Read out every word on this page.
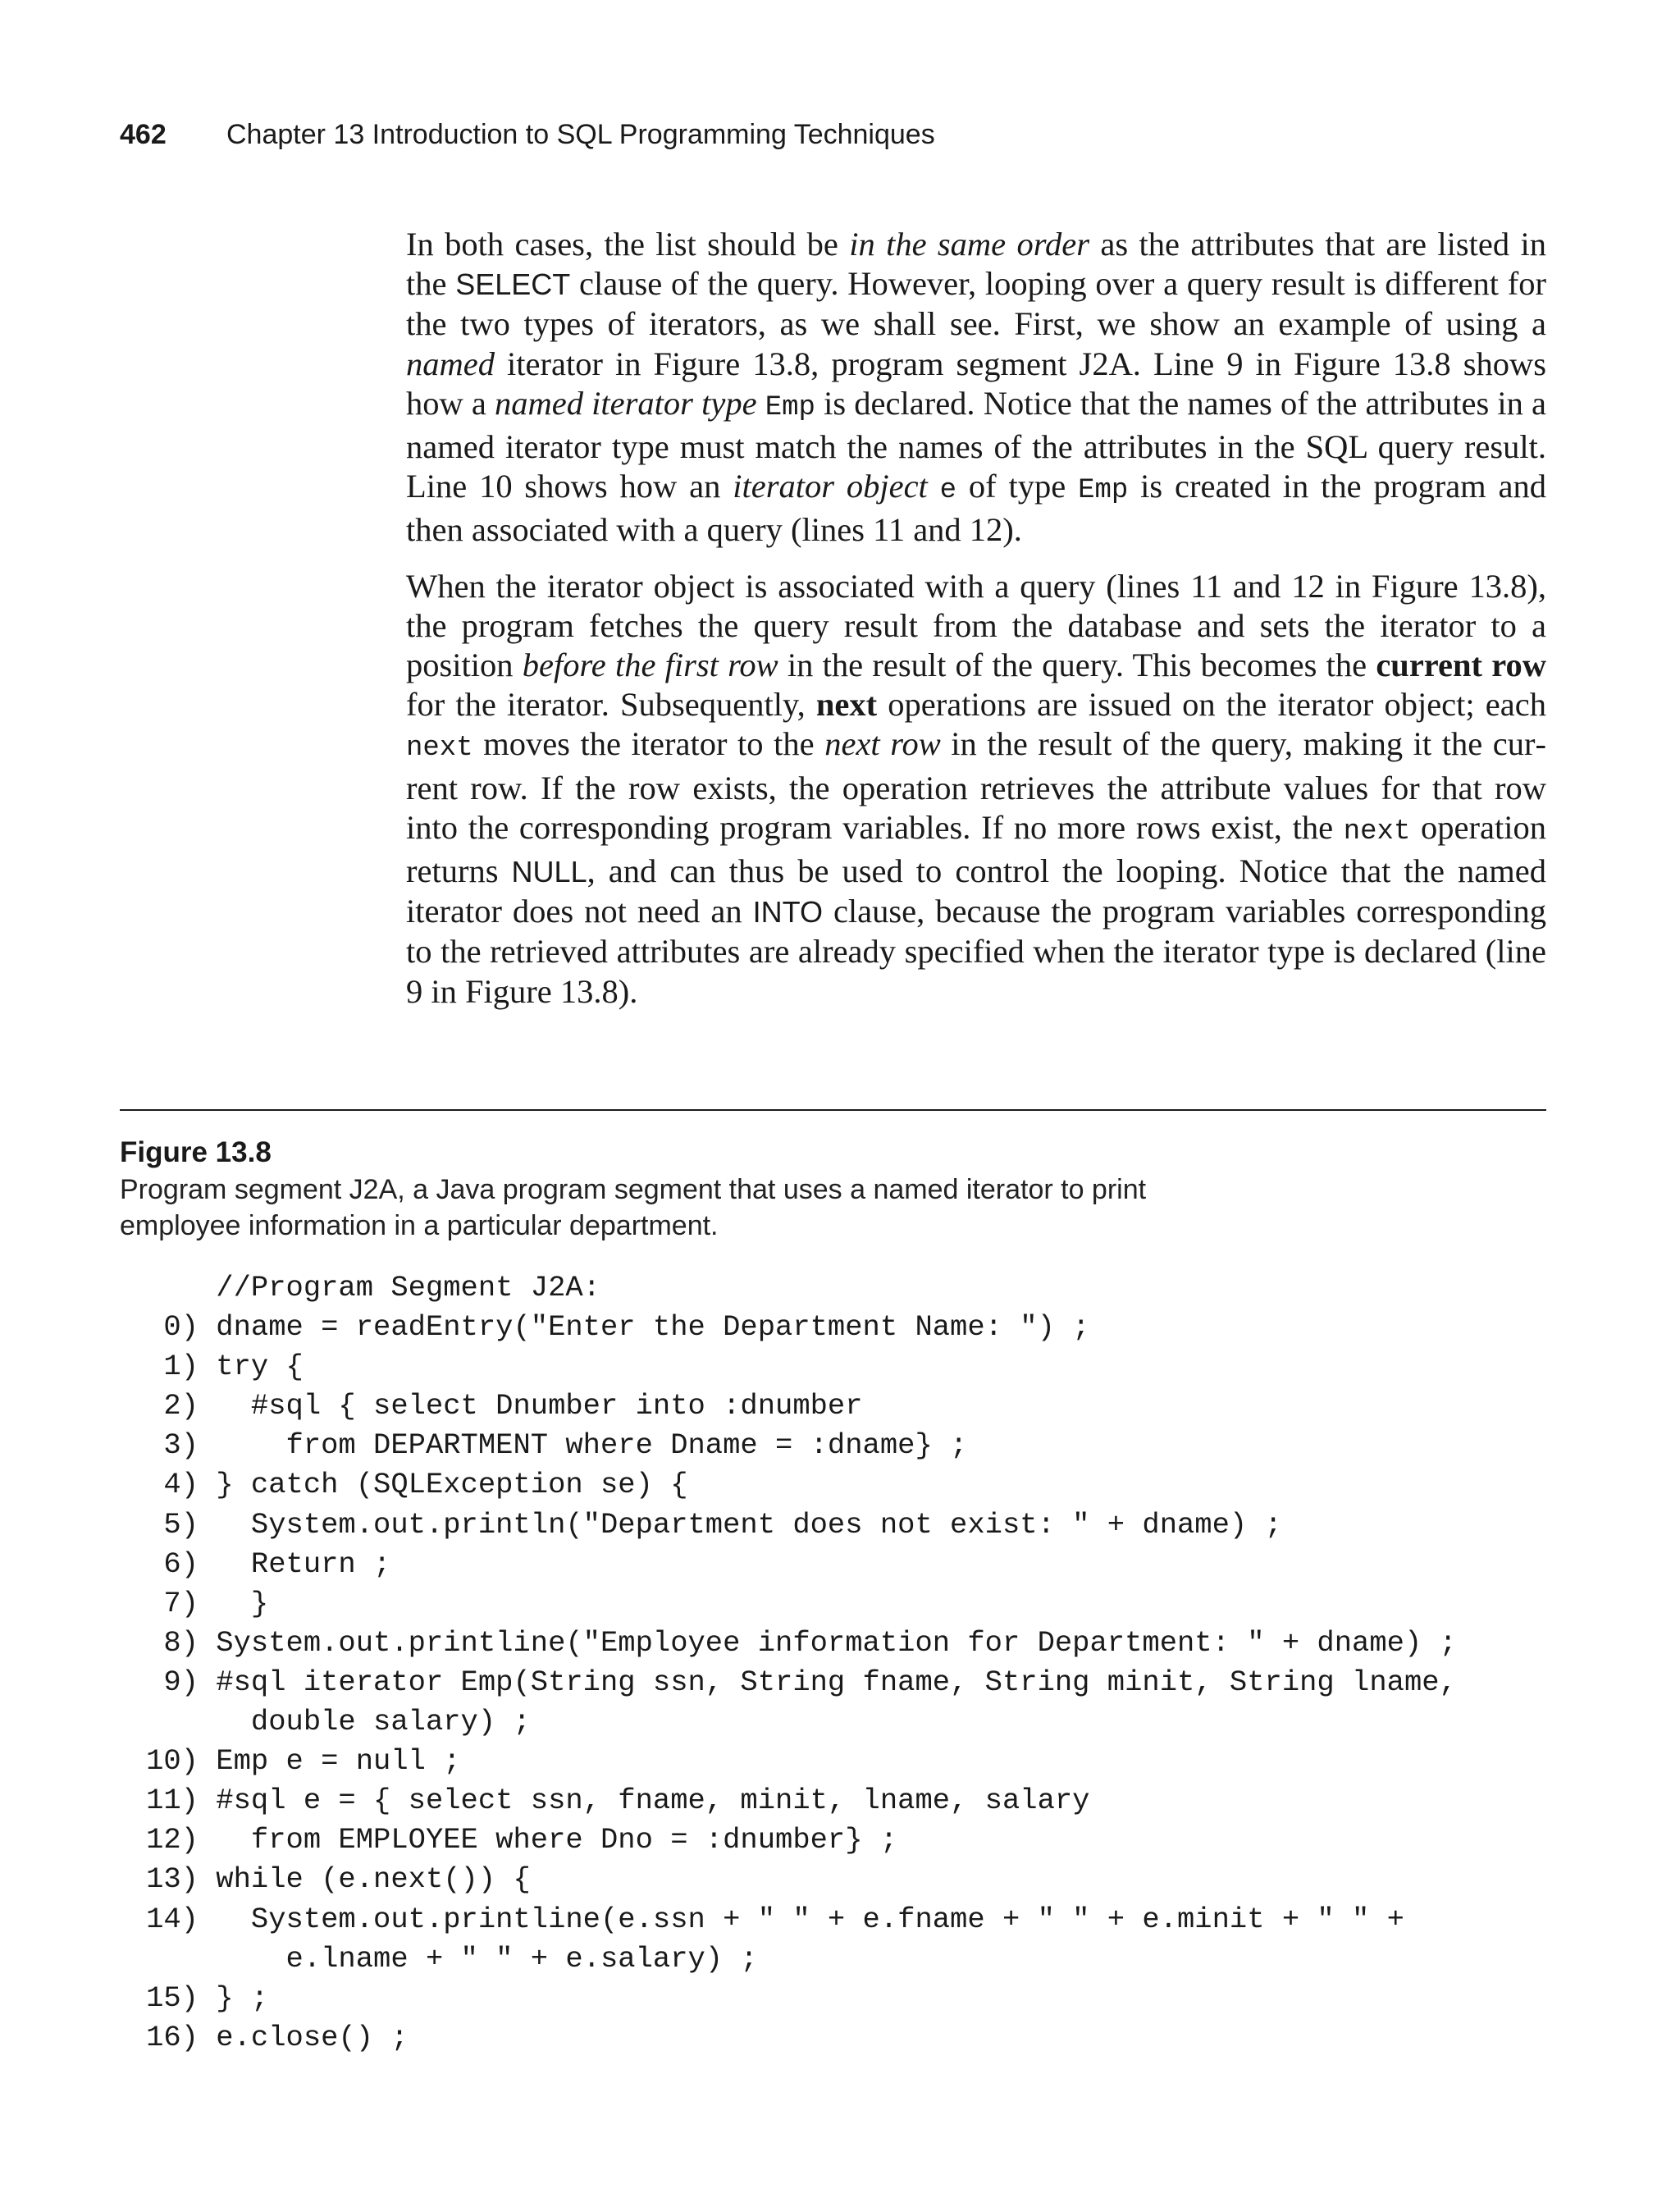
462 Chapter 13 Introduction to SQL Programming Techniques

In both cases, the list should be in the same order as the attributes that are listed in the SELECT clause of the query. However, looping over a query result is different for the two types of iterators, as we shall see. First, we show an example of using a named iterator in Figure 13.8, program segment J2A. Line 9 in Figure 13.8 shows how a named iterator type Emp is declared. Notice that the names of the attributes in a named iterator type must match the names of the attributes in the SQL query result. Line 10 shows how an iterator object e of type Emp is created in the program and then associated with a query (lines 11 and 12).

When the iterator object is associated with a query (lines 11 and 12 in Figure 13.8), the program fetches the query result from the database and sets the iterator to a position before the first row in the result of the query. This becomes the current row for the iterator. Subsequently, next operations are issued on the iterator object; each next moves the iterator to the next row in the result of the query, making it the current row. If the row exists, the operation retrieves the attribute values for that row into the corresponding program variables. If no more rows exist, the next operation returns NULL, and can thus be used to control the looping. Notice that the named iterator does not need an INTO clause, because the program variables corresponding to the retrieved attributes are already specified when the iterator type is declared (line 9 in Figure 13.8).

Figure 13.8
Program segment J2A, a Java program segment that uses a named iterator to print employee information in a particular department.
//Program Segment J2A:
0) dname = readEntry("Enter the Department Name: ") ;
1) try {
2)   #sql { select Dnumber into :dnumber
3)     from DEPARTMENT where Dname = :dname} ;
4) } catch (SQLException se) {
5)   System.out.println("Department does not exist: " + dname) ;
6)   Return ;
7)   }
8) System.out.printline("Employee information for Department: " + dname) ;
9) #sql iterator Emp(String ssn, String fname, String minit, String lname,
double salary) ;
10) Emp e = null ;
11) #sql e = { select ssn, fname, minit, lname, salary
12)   from EMPLOYEE where Dno = :dnumber} ;
13) while (e.next()) {
14)   System.out.printline(e.ssn + " " + e.fname + " " + e.minit + " " +
e.lname + " " + e.salary) ;
15) } ;
16) e.close() ;
